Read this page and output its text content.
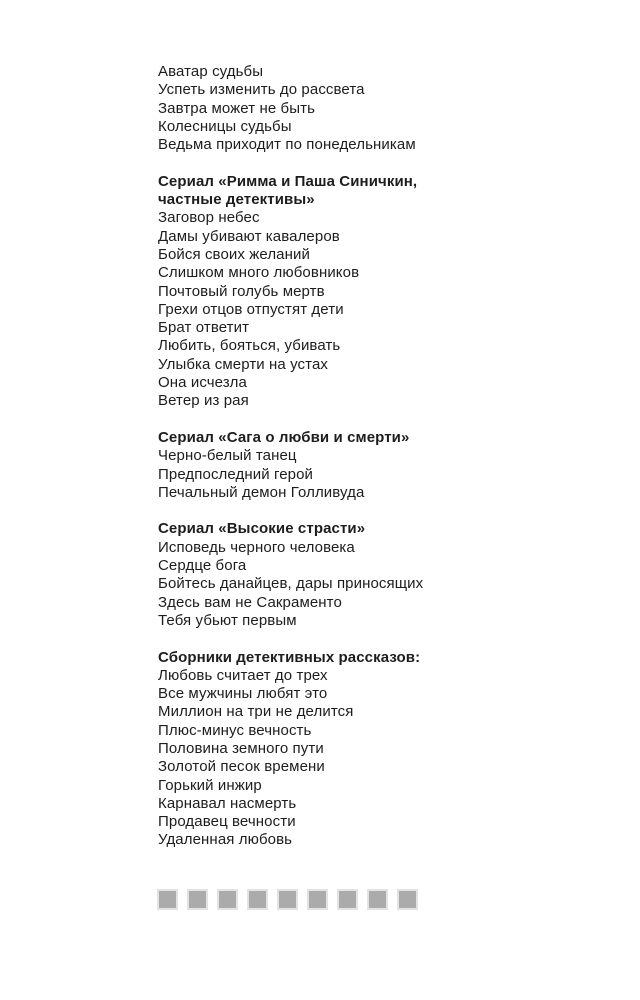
Аватар судьбы
Успеть изменить до рассвета
Завтра может не быть
Колесницы судьбы
Ведьма приходит по понедельникам
Сериал «Римма и Паша Синичкин,
частные детективы»
Заговор небес
Дамы убивают кавалеров
Бойся своих желаний
Слишком много любовников
Почтовый голубь мертв
Грехи отцов отпустят дети
Брат ответит
Любить, бояться, убивать
Улыбка смерти на устах
Она исчезла
Ветер из рая
Сериал «Сага о любви и смерти»
Черно-белый танец
Предпоследний герой
Печальный демон Голливуда
Сериал «Высокие страсти»
Исповедь черного человека
Сердце бога
Бойтесь данайцев, дары приносящих
Здесь вам не Сакраменто
Тебя убьют первым
Сборники детективных рассказов:
Любовь считает до трех
Все мужчины любят это
Миллион на три не делится
Плюс-минус вечность
Половина земного пути
Золотой песок времени
Горький инжир
Карнавал насмерть
Продавец вечности
Удаленная любовь
